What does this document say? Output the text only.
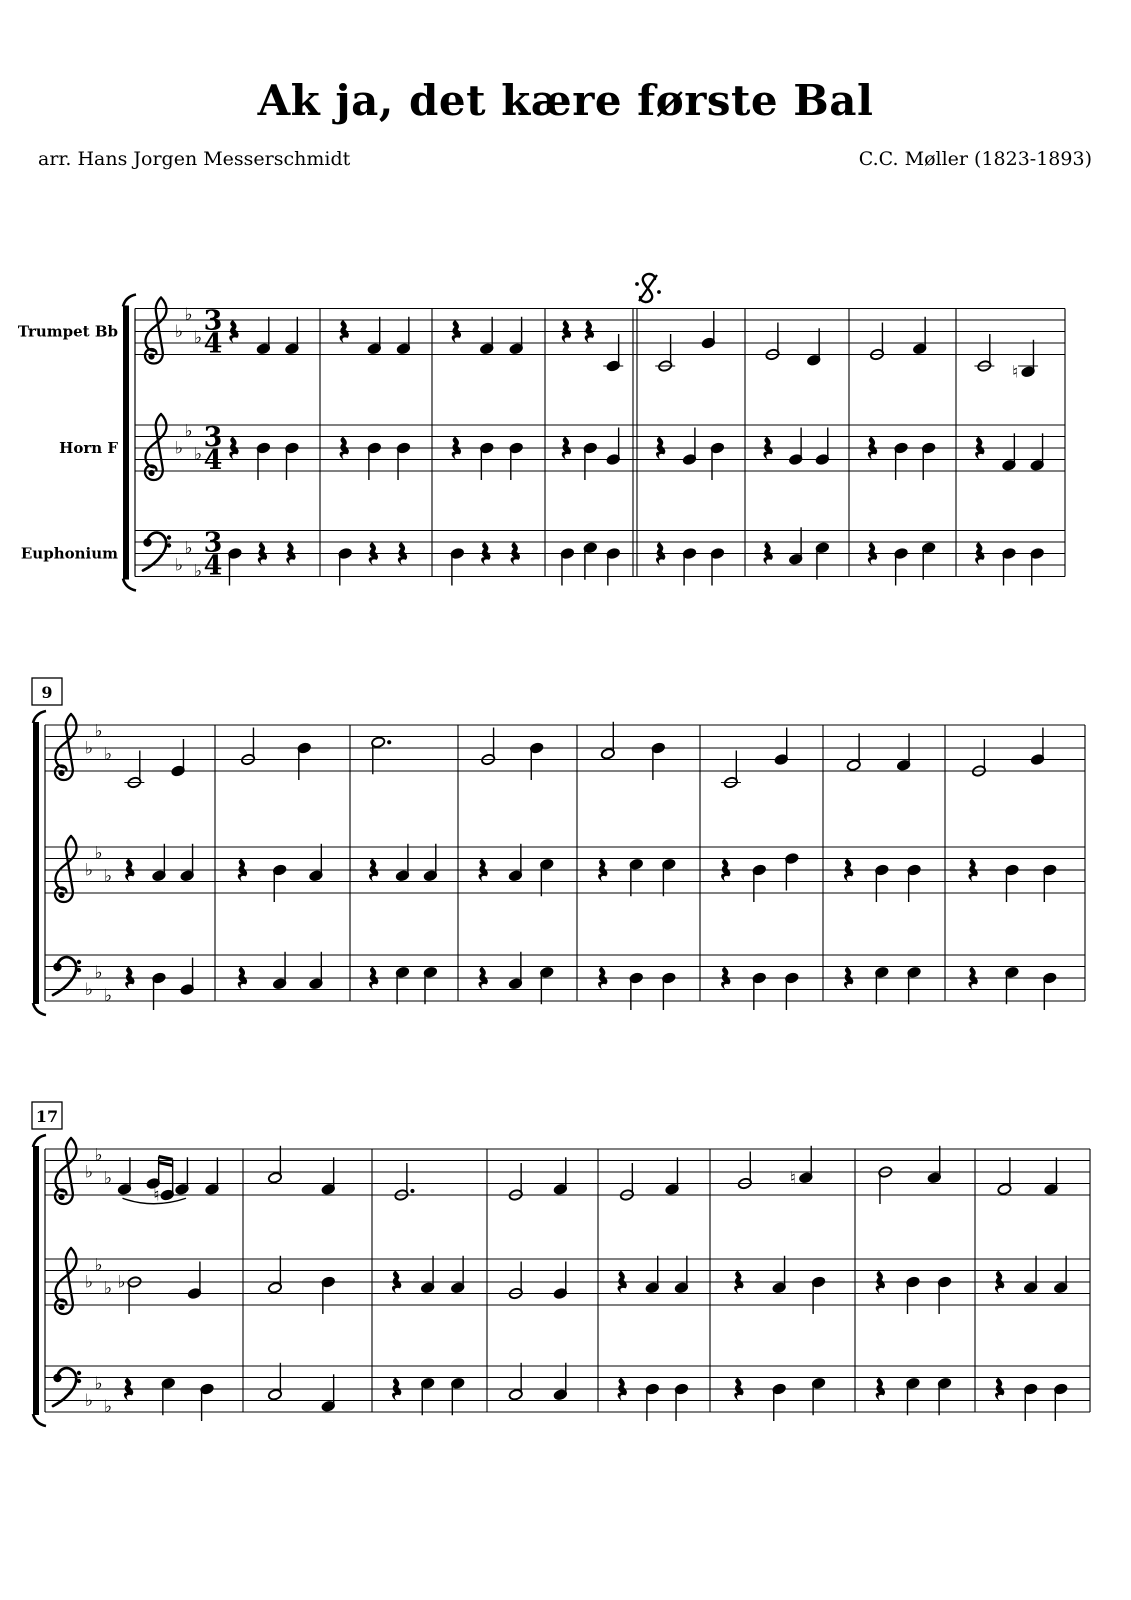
Ak ja, det kære første Bal
arr. Hans Jorgen Messerschmidt	C.C. Møller (1823-1893)
Trumpet Bb	♭
♭
♭
3
4
♮
Horn F	♭
♭
♭
3
4
Euphonium
♭
♭
♭
3
4
9
♭
♭
♭
♭
♭
♭
♭
♭
♭
17
♭
♭
♭
♮
♮
♭
♭
♭ ♭
♭
♭
♭
